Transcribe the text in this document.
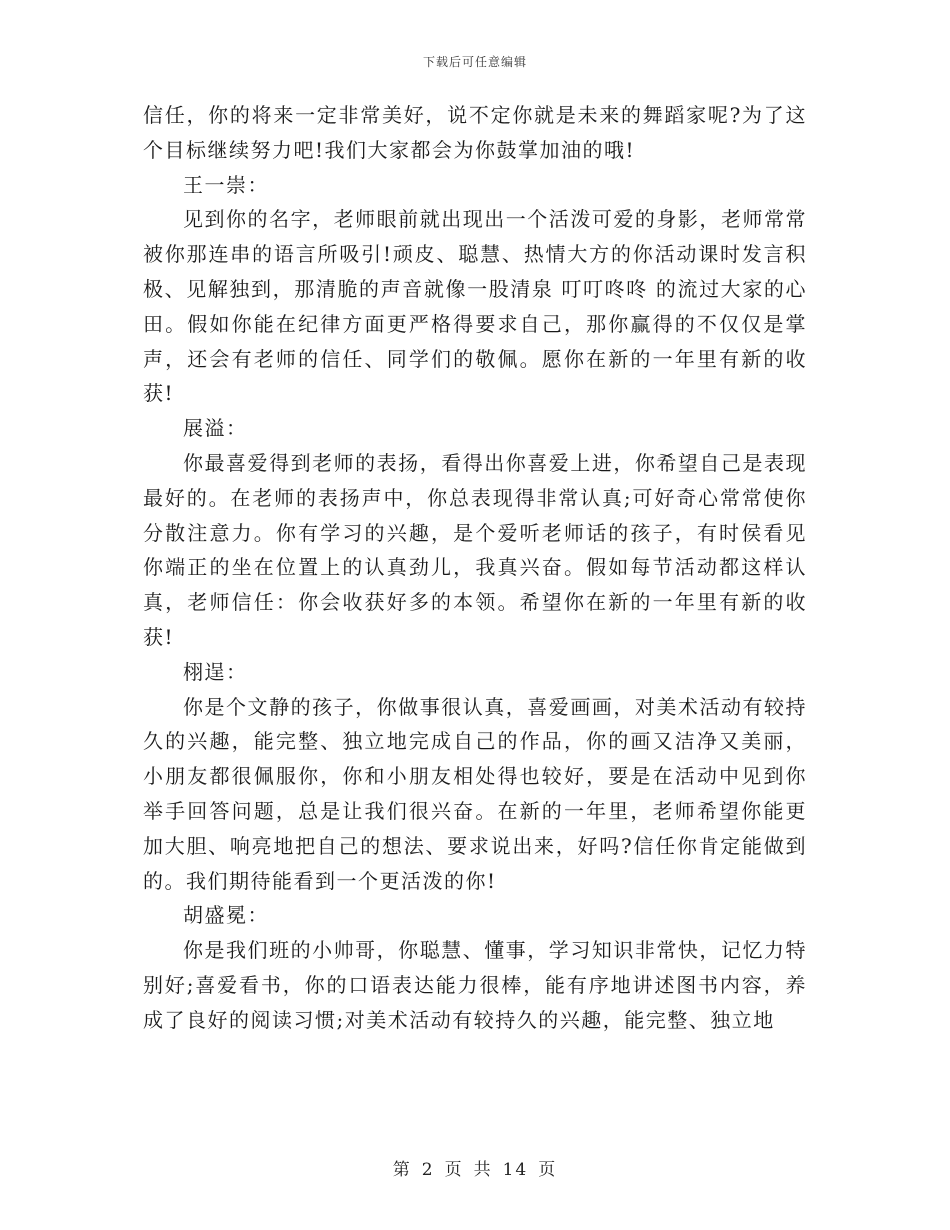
下载后可任意编辑

信任，你的将来一定非常美好，说不定你就是未来的舞蹈家呢?为了这个目标继续努力吧!我们大家都会为你鼓掌加油的哦!

王一崇：

见到你的名字，老师眼前就出现出一个活泼可爱的身影，老师常常被你那连串的语言所吸引!顽皮、聪慧、热情大方的你活动课时发言积极、见解独到，那清脆的声音就像一股清泉 叮叮咚咚 的流过大家的心田。假如你能在纪律方面更严格得要求自己，那你赢得的不仅仅是掌声，还会有老师的信任、同学们的敬佩。愿你在新的一年里有新的收获!

展溢：

你最喜爱得到老师的表扬，看得出你喜爱上进，你希望自己是表现最好的。在老师的表扬声中，你总表现得非常认真;可好奇心常常使你分散注意力。你有学习的兴趣，是个爱听老师话的孩子，有时侯看见你端正的坐在位置上的认真劲儿，我真兴奋。假如每节活动都这样认真，老师信任：你会收获好多的本领。希望你在新的一年里有新的收获!

栩逞：

你是个文静的孩子，你做事很认真，喜爱画画，对美术活动有较持久的兴趣，能完整、独立地完成自己的作品，你的画又洁净又美丽，小朋友都很佩服你，你和小朋友相处得也较好，要是在活动中见到你举手回答问题，总是让我们很兴奋。在新的一年里，老师希望你能更加大胆、响亮地把自己的想法、要求说出来，好吗?信任你肯定能做到的。我们期待能看到一个更活泼的你!

胡盛冕：

你是我们班的小帅哥，你聪慧、懂事，学习知识非常快，记忆力特别好;喜爱看书，你的口语表达能力很棒，能有序地讲述图书内容，养成了良好的阅读习惯;对美术活动有较持久的兴趣，能完整、独立地

第 2 页 共 14 页
